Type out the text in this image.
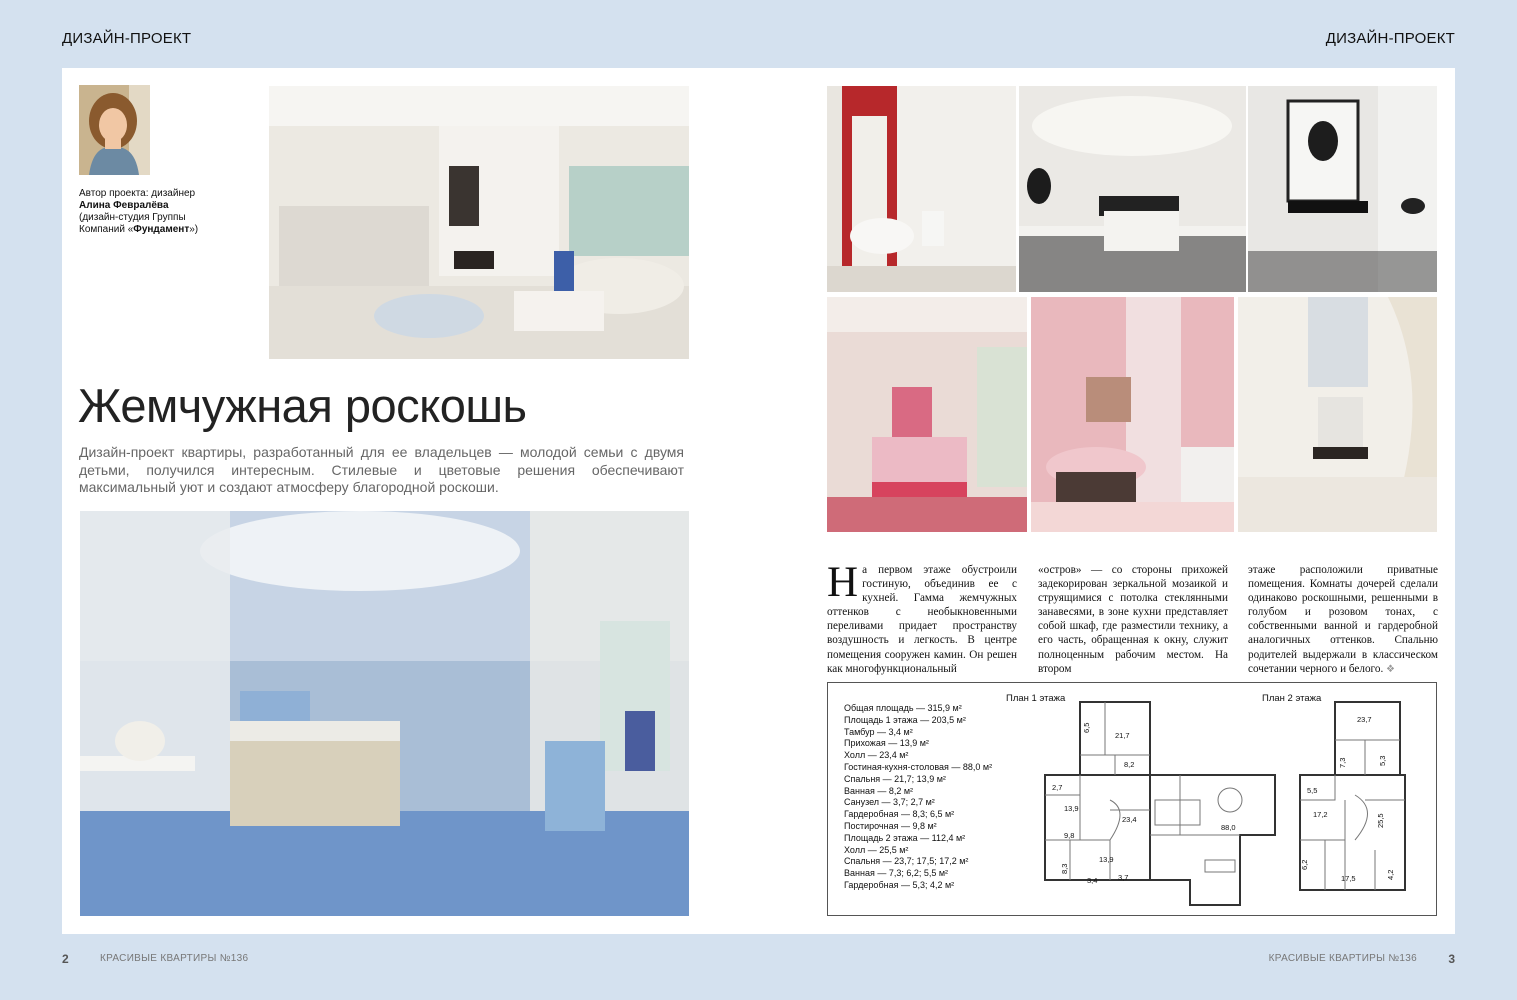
ДИЗАЙН-ПРОЕКТ	ДИЗАЙН-ПРОЕКТ
Автор проекта: дизайнер
Алина Февралёва
(дизайн-студия Группы
Компаний «Фундамент»)
Жемчужная роскошь
Дизайн-проект квартиры, разработанный для ее владельцев — молодой семьи с двумя детьми, получился интересным. Стилевые и цветовые решения обеспечивают максимальный уют и создают атмосферу благородной роскоши.
На первом этаже обустроили гостиную, объединив ее с кухней. Гамма жемчужных оттенков с необыкновенными переливами придает пространству воздушность и легкость. В центре помещения сооружен камин. Он решен как многофункциональный
«остров» — со стороны прихожей задекорирован зеркальной мозаикой и струящимися с потолка стеклянными занавесями, в зоне кухни представляет собой шкаф, где разместили технику, а его часть, обращенная к окну, служит полноценным рабочим местом. На втором
этаже расположили приватные помещения. Комнаты дочерей сделали одинаково роскошными, решенными в голубом и розовом тонах, с собственными ванной и гардеробной аналогичных оттенков. Спальню родителей выдержали в классическом сочетании черного и белого. ❖
План 1 этажа	План 2 этажа
Общая площадь — 315,9 м²
Площадь 1 этажа — 203,5 м²
Тамбур — 3,4 м²
Прихожая — 13,9 м²
Холл — 23,4 м²
Гостиная-кухня-столовая — 88,0 м²
Спальня — 21,7; 13,9 м²
Ванная — 8,2 м²
Санузел — 3,7; 2,7 м²
Гардеробная — 8,3; 6,5 м²
Постирочная — 9,8 м²
Площадь 2 этажа — 112,4 м²
Холл — 25,5 м²
Спальня — 23,7; 17,5; 17,2 м²
Ванная — 7,3; 6,2; 5,5 м²
Гардеробная — 5,3; 4,2 м²
6,5
21,7
8,2
2,7
13,9
23,4
88,0
9,8
13,9
8,3
3,4	3,7
23,7
7,3	5,3
5,5
17,2	25,5
6,2
17,5	4,2
2	КРАСИВЫЕ КВАРТИРЫ №136	КРАСИВЫЕ КВАРТИРЫ №136	3
